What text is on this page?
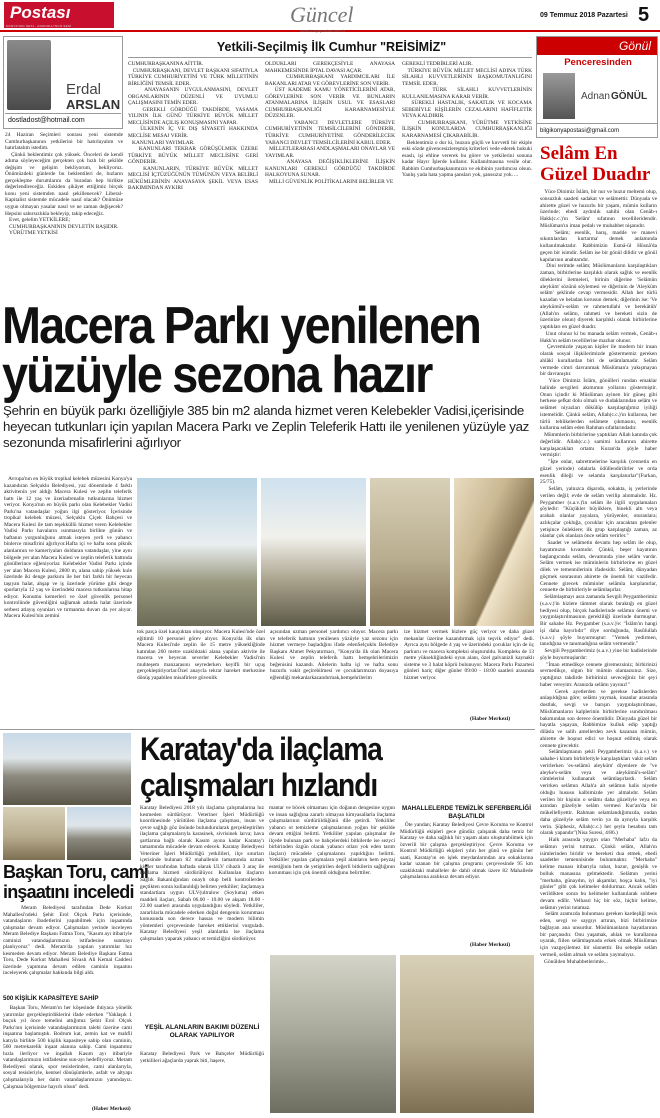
Postası
KONYA'NIN SESİ - ANADOLU'NUN SESİ	Güncel
www.konyapostasi.com.tr
09 Temmuz 2018 Pazartesi 5
Erdal
ARSLAN
dostladost@hotmail.com
24 Haziran Seçimleri sonrası yeni sistemde Cumhurbaşkanının yetkilerini bir hatırlayalım ve hatırlatalım istedim.
Çünkü beklentimiz çok yüksek. Önceleri de kendi adıma söyleyeceğim gerçekten çok hızlı bir şekilde değişim ve gelişim bekliyorum, bekliyoruz. Önümüzdeki günlerde bu beklentileri de, hızların gerçekleşme durumlarını da buradan hep birlikte değerlendireceğiz. Eskiden şikâyet ettiğimiz birçok konu yeni sistemden nasıl şekillenecek? Liberal-Kapitalist sistemde mücadele nasıl olacak? Önümüze uygun olmayan yasalar nasıl ve ne zaman değişecek? Hepsini sabırsızlıkla bekleyip, takip edeceğiz.
Evet, gelelim YETKİLERE;
CUMHURBAŞKANININ DEVLETİN BAŞIDIR.
YÜRÜTME YETKİSİ
Yetkili-Seçilmiş İlk Cumhur "REİSİMİZ"
CUMHURBAŞKANINA AİTTİR.
CUMHURBAŞKANI, DEVLET BAŞKANI SIFATIYLA TÜRKİYE CUMHURİYETİNİ VE TÜRK MİLLETİNİN BİRLİĞİNİ TEMSİL EDER.
ANAYASANIN UYGULANMASINI, DEVLET ORGANLARININ DÜZENLİ VE UYUMLU ÇALIŞMASINI TEMİN EDER.
GEREKLİ GÖRDÜĞÜ TAKDİRDE, YASAMA YILININ İLK GÜNÜ TÜRKİYE BÜYÜK MİLLET MECLİSİNDE AÇILIŞ KONUŞMASINI YAPAR.
ÜLKENİN İÇ VE DIŞ SİYASETİ HAKKINDA MECLİSE MESAJ VERİR.
KANUNLARI YAYIMLAR.
KANUNLARI TEKRAR GÖRÜŞÜLMEK ÜZERE TÜRKİYE BÜYÜK MİLLET MECLİSİNE GERİ GÖNDERİR.
KANUNLARIN, TÜRKİYE BÜYÜK MİLLET MECLİSİ İÇTÜZÜĞÜNÜN TÜMÜNÜN VEYA BELİRLİ HÜKÜMLERİNİN ANAYASAYA ŞEKİL VEYA ESAS BAKIMINDAN AYKIRI
OLDUKLARI GEREKÇESİYLE ANAYASA MAHKEMESİNDE İPTAL DAVASI AÇAR.
CUMHURBAŞKANI YARDIMCILARI İLE BAKANLARI ATAR VE GÖREVLERİNE SON VERİR.
ÜST KADEME KAMU YÖNETİCİLERİNİ ATAR, GÖREVLERİNE SON VERİR VE BUNLARIN ATANMALARINA İLİŞKİN USUL VE ESASLARI CUMHURBAŞKANLIĞI KARARNAMESİYLE DÜZENLER.
YABANCI DEVLETLERE TÜRKİYE CUMHURİYETİNİN TEMSİLCİLERİNİ GÖNDERİR, TÜRKİYE CUMHURİYETİNE GÖNDERİLECEK YABANCI DEVLET TEMSİLCİLERİNİ KABUL EDER.
MİLLETLERARASI ANDLAŞMALARI ONAYLAR VE YAYIMLAR.
ANAYASA DEĞİŞİKLİKLERİNE İLİŞKİN KANUNLARI GEREKLİ GÖRDÜĞÜ TAKDİRDE HALKOYUNA SUNAR.
MİLLİ GÜVENLİK POLİTİKALARINI BELİRLER VE
GEREKLİ TEDBİRLERİ ALIR.
TÜRKİYE BÜYÜK MİLLET MECLİSİ ADINA TÜRK SİLAHLI KUVVETLERİNİN BAŞKOMUTANLIĞINI TEMSİL EDER.
TÜRK SİLAHLI KUVVETLERİNİN KULLANILMASINA KARAR VERİR.
SÜREKLİ HASTALIK, SAKATLIK VE KOCAMA SEBEBİYLE KİŞİLERİN CEZALARINI HAFİFLETİR VEYA KALDIRIR.
CUMHURBAŞKANI, YÜRÜTME YETKİSİNE İLİŞKİN KONULARDA CUMHURBAŞKANLIĞI KARARNAMESİ ÇIKARABİLİR.
Beklentimiz o dur ki, huzura güçlü ve kuvvetli bir ekiple eski sözde güvencesizlereşmiş kriterleri vede ederek hukuki esaslı, işi ehline vererek bu görev ve yetkilerini sonuna kadar Hayır İşlerde kullanır. Kullanılmasına vesile olur. Rabbim Cumhurbaşkanımızın ve ekibinin yardımcısı olsun. Yanlış yada hata yapma şansları yok, şanssızız yok….
Gönül
Penceresinden
Adnan GÖNÜL
bilgikonyapostasi@gmail.com
Selâm En Güzel Duadır
Yüce Dinimiz İslâm, bir nur ve huzur meltemi olup, sonsuzluk saadeti sadakat ve selâmettir. Dünyada ve ahirette güzel ve huzurlu bir yaşam, mümin kulların üzerinde; ebedi aydınlık sahibi olan Cenâb-ı Hakk(c.c.)'ın 'Selâm' sıfatının tecellileridendir. Müslüman'ın iman pedalı ve muhabbet nişanıdır.
'Selâm; esenlik, barış, madde ve manevi sıkıntılardan kurtarma' demek anlamında kullanılmaktadır. Rabbimizin Esmâ-ül Hüsnâ'da geçen bir isimdir. Selâm ise bir gönül dilidir ve gönül kapılarının anahtarıdır.
Dini terimde selâm; Müslümanların karşılaştıkları zaman, birbirlerine karşılıklı olarak sağlık ve esenlik dileklerini iletmeleri, birinin diğerine 'Selâmün aleyküm' sözünü söylemesi ve diğerinin de 'Aleyküm selâm' şeklinde cevap vermesidir. Allah her türlü kazadan ve beladan korusun demek; diğerinin ise: 'Ve aleykümü's-selâm ve rahmetullahi ve berekâtüh' (Allah'ın selâmı, rahmeti ve bereketi sizin de üzerinize olsun) diyerek karşılıklı olarak birbirlerine yaptıkları en güzel duadır.
Unut olunur ki bu manada selâm vermek, Cenâb-ı Hakk'ın selâm tecellilerine mazhar olunur.
Çevremizde yaşayan kişiler ile modern bir insan olarak sosyal ilişkilerimizde göstermemiz gereken ahlâkî kurallardan biri de selâmlamadır. Selâm vermede cimri davranmak Müslüman'a yakışmayan bir davranıştır.
Yüce Dinimiz İslâm, gönülleri rundan emaklar halinde sevgileri akımımın yollarını göstermiştir. Onun içindir ki Müslüman ayinen bir güneş gibi herkese şefkat dolu olmalı ve dudaklarından selâm ve selâmet niyazları dökülüp karşılaştığımız iyiliği istemelidir. Çünkü selâm, Allah(c.c.)'ın kullarına, her türlü tehlikelerden selâmete çıkmasını, esenlik kullarına selâm eden Rahman sıfatlarındadır.
Mümmlerin birbirlerine yaptıkları Allah katında çok değerlidir. Allah(c.c.) samimi kullarının ahirette karşılaşacakları ortamı Kuran'da şöyle haber vermiştir:
"İşte onlar, sabretmelerine karşılık (cennetin en güzel yerinde) odalarla ödüllendirilirler ve orda esenlik dileği ve selamla karşılanırlar"(Furkan, 25/75).
Selâm, yalnızca dişarıda, sokakta, iş yerlerinde verilen değil; evde de selâm verilip alınmalıdır. Hz. Peygamber (s.a.v.)'in selâm ile ilgili uygulamaları şöyledir: "Küçükler büyüklere, binekli altı veya arabalı olanlar yayalara, yürüyenler, oturanlara; azlıkçalar çokluğa, çocuklar için aracaktan gelenler yetişince önleklere; ilk grup karşılaştığı zaman, az olanlar çok olanlara önce selâm verirler."
Saadet ve selâmetin devamı hep selâm ile olup, hayatımızın kıvamıdır. Çünkü, beşer hayatının başlangıcında selâm, devamında yine selâm vardır. Selâm vermek ise müminlerin birbirlerine en güzel dilek ve temennilerinin ifadesidir. Selâm, dünyadan göçmek sonrasının ahirette de önemli bir vazifedir. Cennete girecek müminler selâmla karşılanırlar, cennette de birbirleriyle selâmlaşırlar.
Selâmlaşmayı asra zamanda Sevgili Peygamberimiz (s.a.v.)'in hizlere tâmmet olarak bıraktığı en güzel hediyesi olup, birçok hadislerinde selâmın önemi ve yaygınlaştırılmasının gerekliliği üzerinde durmuştur. Bir sahabe Hz. Peygamber (s.a.v.)'e: "İslâm'ın hangi işi daha hayırlıdır" diye sorduğunda, Rasûlullah (s.a.v.) şöyle buyurmuştur: "Yemek yedirmen, tanıdığına ve tanımadığına selâm vermendir."
Sevgili Peygamberimiz (s.a.v.) yine bir hadislerinde şöyle buyurmuşlardır:
"İman etmedikçe cennete giremezsiniz; birbirinizi sevmedikçe, olgun bir mümin olamazsınız. Size, yaptığınız takdirde birbirinizi seveceğiniz bir şeyi haber vereyim: Aranızda selâmı yayınız!"
Gerek ayetlerden ve gerekse hadislerden anlaşıldığına göre; selâmı yaymak, insanlar arasında dostluk, sevgi ve barışın yaygınlaştırılması, Müslümanların kalplerinin birbirlerine ısındırılması bakımından son derece önemlidir. Dünyada güzel bir hayatla yaşayan, Rabbimize kulluk edip yaptığı dilâsla ve salih amellerden zevk kazanan mümin, ahirette de hoşnut edici ve hoşnut edilmiş olarak cennete girecektir.
Selâmlaşmanın şekli Peygamberimiz (s.a.v.) ve sahabe-i kiram birbirleriyle karşılaştıkları vakit selâm verirlerken 'es-selâmü aleyküm' diyenlere de "ve aleyke's-selâm veya ve aleykümü's-selâm" cümlelerini kullanarak selâmlaşırlardı. Selâm verirken selâmın Allah'a ait selâmın halis niyetle olduğu hususu kalbimizde yer almalıdır. Selâm verilen bir kişinin o selâmı daha güzeliyle veya en azından güzeliyle selâm vermesi Kur'an'da bir mükellefiyettir. Rahman selamlandığımızda, ondan daha güzeliyle selâm verin ya da aynıyla karşılık verin. Şüphesiz, Allah(c.c.) her şeyin hesabını tam olarak yapandır"(Nisa Suresi, 4/86.)
Halk arasında yaygın olan "Merhaba" lafzı da selâmın yerini tutmaz. Çünkü selâm, Allah'ın isimlerinden biridir ve bereketi dua etmek, ebedi saadetler temennisinde bulunmaktır. "Merhaba" kelime manası itibarıyla rahat, huzur, genişlik ve bolluk manasına gelmektedir. Selâmın yerini "merhaba, günaydın, iyi akşamlar, hoşça kalın, "iyi günler" gibi çok kelimeler doldurmaz. Ancak selâm verildikten sonra bu kelimeler kullanılarak sohbete devam edilir. Velhasıl hiç bir söz, hiçbir kelime, selâmın yerini tutamaz.
Selâm aramızda bulunması gereken kardeşliği tesis eden, sevgi ve saygıyı artıran, bizi birbirimize bağlayan ana unsurdur. Müslümanların hayatlarının bir parçasıdır. Onu yaşamak, ahlak ve kurallarına uyarak, fiilen selâmlaşmada erkek olmak Müslüman için vazgeçilemez bir sünnettir. Bu sebeple selâm vermeli, selâm almalı ve selâmı yaymalıyız.
Gönülden Muhabbetlerimle...
Macera Parkı yenilenen
yüzüyle sezona hazır
Şehrin en büyük parkı özelliğiyle 385 bin m2 alanda hizmet veren Kelebekler Vadisi,içerisinde heyecan tutkunları için yapılan Macera Parkı ve Zeplin Teleferik Hattı ile yenilenen yüzüyle yaz sezonunda misafirlerini ağırlıyor
Avrupa'nın en büyük tropikal kelebek müzesini Konya'ya kazandıran Selçuklu Belediyesi, yaz döneminde 4 farklı aktivitenin yer aldığı Macera Kulesi ve zeplin teleferik hattı ile 12 yaş ve üzeriadrenalin tutkunlarına hizmet veriyor. Konya'nın en büyük parkı olan Kelebekler Vadisi Parkı'na vatandaşlar yoğun ilgi gösteriyor. İçerisinde tropikal kelebek müzesi, Selçuklu Çiçek Bahçesi ve Macera Kulesi ile tam teşekküllü hizmet veren Kelebekler Vadisi Parkı havaların ısınmasıyla birlikte günün ve haftanın yorgunluğunu atmak isteyen yerli ve yabancı binlerce misafirini ağırlıyor.Hafta içi ve hafta sonu piknik alanlarının ve kameriyaları dolduran vatandaşlar, yine aynı bölgede yer alan Macera Kulesi ve zeplin teleferik hattında gönüllerince eğleniyorlar. Kelebekler Vadisi Parkı içinde yer alan Macera Kulesi, 2800 m, alana sahip yüksek kule üzerinde iki denge parkuru ile her biri farklı bir heyecan taşıyan halat, ahşap ve iş üzerinde yürüme gibi denge sporlarıyla 12 yaş ve üzerindeki macera tutkunlarına hitap ediyor. Konumu kemerleri ve özel güvenlik personel kontrolünde güvenliğini sağlamak adında halat üzerinde serbest atlayış oyunları ve tırmanma duvarı da yer alıyor. Macera Kulesi'nin zemini
tok parça özel kauçuktan oluşuyor. Macera Kulesi'nde özel eğitimli 10 personel görev alıyor. Konya'da ilk olan Macera Kulesi'nde zeplin ile 15 metre yüksekliğinde katından 260 metre uzaklıktaki alana yapılan aktivite ile macera ve heyecan severler Kelebekler Vadisi'nin muhteşem manzarasını seyrederken keyifli bir uçuş gerçekleştiriyorlar.Özel anaycla tekrar hareket merkezine dönüş yapabilen misafirlere güvenlik
açısından uzman personel yardımcı oluyor. Macera parkı ve teleferik hattının yenilenen yüzüyle yaz sezonu için hizmet vermeye başladığını ifade edenSelçuklu Belediye Başkanı Ahmet Pekyatırmacı, "Konya'da ilk olan Macera Kulesi ve zeplin teleferik hattı hemşehrilerimizin beğenisini kazandı. Ailelerin hafta içi ve hafta sonu huzurlu vakit geçirebilmesi ve çocuklarımızın doyasıya eğlendiği mekanlarkazandırmak,hemşehrilerim
ize hizmet vermek bizlere güç veriyor ve daha güzel mekanlar üzerine kazandırmak için teşvik ediyor" dedi. Ayrıca aynı bölgede 4 yaş ve üzerindeki çocuklar için de üç parkuru ve macera kompleksi oluşturuldu. Kompleks de 13 metre yüksekliğindeki oyun alanı, özel galvanizli kaynaklı sisteme ve 3 halat köprü bulunuyor. Macera Parkı Pazartesi günleri hariç diğer günler 09:00 - 18:00 saatleri arasında hizmet veriyor.
(Haber Merkezi)
Başkan Toru, cami
inşaatını inceledi
Meram Belediyesi tarafından Dede Korkut Mahallesi'ndeki Şehit Erol Olçok Parkı içerisinde, vatandaşların ibadetlerini yapabilmek için inşaatında çalışmalar devam ediyor. Çalışmaları yerinde inceleyen Meram Belediye Başkanı Fatma Toru, "Kasım ayı itibariyle caminizi vatandaşlarımızın istifadesine sunmayı planlıyoruz" dedi. Meram'da yapılan yatırımlar hız kesmeden devam ediyor. Meram Belediye Başkanı Fatma Toru, Dede Korkut Mahallesi Sivaslı Ali Kemal Caddesi üzerinde yapımına devam edilen caminin inşaatını inceleyerek çalışmalar hakkında bilgi aldı.
500 KİŞİLİK KAPASİTEYE SAHİP
Başkan Toru, Meram'ın her köşesinde ihtiyaca yönelik yatırımlar gerçekleştirdiklerini ifade ederken "Yaklaşık 1 buçuk yıl önce temelini attığımız Şehit Erol Olçok Parkı'nın içerisinde vatandaşlarımızın talebi üzerine cami inşaatına başlamıştık. Bodrum kat, zemin kat ve mahfil katıyla birlikte 500 kişilik kapasiteye sahip olan caminin, 560 metrekarelik inşaat alanına sahip. Cami inşaatımız hızla ilerliyor ve inşallah Kasım ayı itibariyle vatandaşlarımızın istifadesine sun-ayı hedefliyoruz. Meram Belediyesi olarak, spor tesislerinden, cami alanlarıyla, sosyal tesisleriyle, kentsel dönüşümlerle, asfalt ve altyapı çalışmalarıyla her daim vatandaşlarımızın yanındayız. Çalışmaa bölgemize hayırlı olsun" dedi.
(Haber Merkezi)
Karatay'da ilaçlama
çalışmaları hızlandı
Karatay Belediyesi 2018 yılı ilaçlama çalışmalarına hız kesmeden sürdürüyor. Veteriner İşleri Müdürlüğü koordinesinde yürütülen ilaçlama çalışması, insan ve çevre sağlığı göz önünde bulundurularak gerçekleştirilen ilaçlama çalışmalarıyla karasinek, sivrisinek larva; hava şartlarına bağlı olarak Kasım ayına kadar Karatay'ı tamamında mücadele devam edecek. Karatay Belediyesi Veteriner İşleri Müdürlüğü yetkilileri, ilçe sınırları içerisinde bulunan 82 mahallenin tamamında uzman kişiler tarafından haftada olarak ULV cihazlı 3 araç ile ilaçlama hizmeti sürdürülüyor. Kullanılan ilaçların Sağlık Bakanlığından onaylı olup belli kontrollerden geçtikten sonra kullanıldığı belirten yetkililer; ilaçlamaya standartlara uygun ULV(ultralow (Soyluma) etken maddeli ilaçları, Sabah 06.00 - 10.00 ve akşam 18.00 - 22.00 saatleri arasında uygulandığını söyledi. Yetkililer, zararlılarla mücadele ederken doğal dengenin korunması konusunda son derece hassas ve modern bilimin yöntemleri çerçevesinde hareket ettiklerini vurguladı. Karatay Belediyesi yeşil alanlarda ise ilaçlama çalışmaları yaparak yabancı ot temizliğini sürdürüyor.
YEŞİL ALANLARIN BAKIMI DÜZENLİ OLARAK YAPILIYOR
Karatay Belediyesi Park ve Bahçeler Müdürlüğü yetkilileri ağaçlarda yaprak biti, haşere,
mantar ve böcek olmaması için doğanın dengesine uygun ve insan sağlığına zararlı olmayan kimyasallarla ilaçlama çalışmalarının sürdürüldüğünü dile getirdi. Yetkililer yabancı ot temizleme çalışmalarının yoğun bir şekilde devam ettiğini belirtti. Yetkililer yapılan çalışmalar ile ilçede bulunan park ve bahçelerdeki bitkilerde ise sezyci birbirinden özgün olarak yabancı otları yok eden tarım ilaçları) mücadele çalışmalarını yapıldığını belirtti. Yetkililer yapılan çalışmalara yeşil alanların hem peyzaj estetiğinin hem de yetiştirilen değerli bitkilerin sağlığının korunması için çok önemli olduğunu belirttiler.
MAHALLELERDE TEMİZLİK SEFERBERLİĞİ BAŞLATILDI
Öte yandan; Karatay Belediyesi Çevre Koruma ve Kontrol Müdürlüğü ekipleri gece gündüz çalışarak daha temiz bir Karatay ve daha sağlıklı bir yaşam alanı oluşturabilmek için özverili bir çalışma gerçekleştiriyor. Çevre Koruma ve Kontrol Müdürlüğü ekipleri yılın her günü ve günün her saati, Karatay'ın en işlek meydanlarından ara sokaklarına kadar uzanan bir çalışma programı çerçevesinde 95 km uzaklıktaki mahalleler de dahil olmak üzere 82 Mahallede çalışmalarına aralıksız devam ediyor.
(Haber Merkezi)
